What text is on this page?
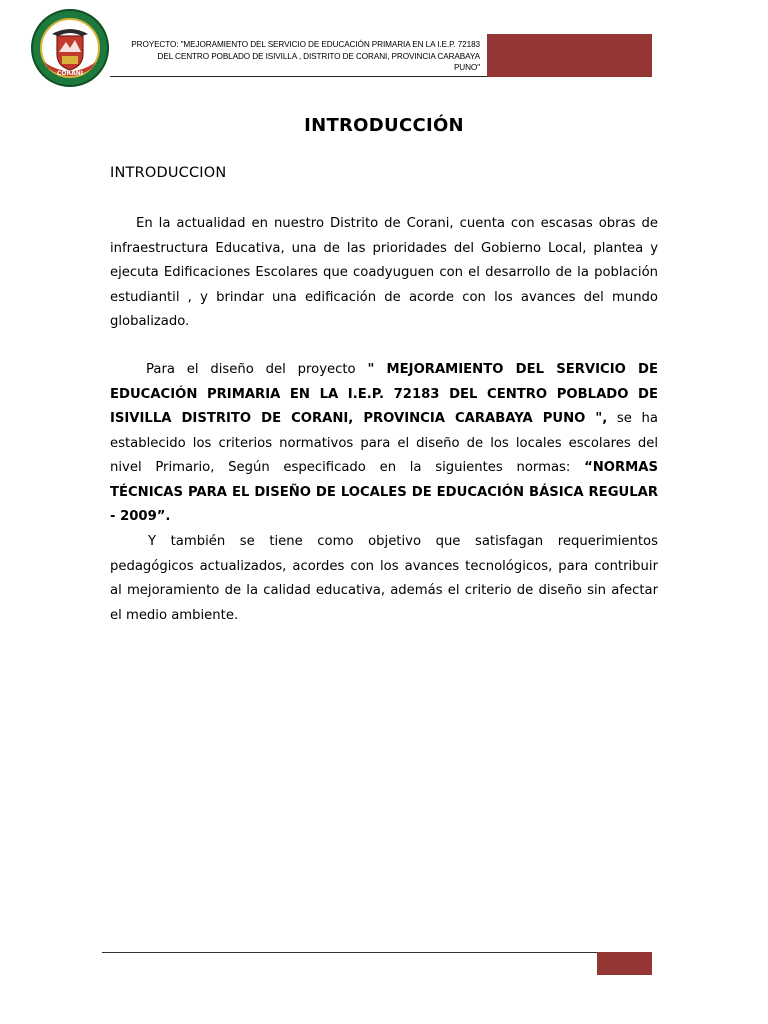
CORANI
PROYECTO: "MEJORAMIENTO DEL SERVICIO DE EDUCACIÓN PRIMARIA EN LA I.E.P. 72183
DEL CENTRO POBLADO DE ISIVILLA , DISTRITO DE CORANI, PROVINCIA CARABAYA
PUNO"
INTRODUCCIÓN
INTRODUCCION

En la actualidad en nuestro Distrito de Corani, cuenta con escasas obras de infraestructura Educativa, una de las prioridades del Gobierno Local, plantea y ejecuta Edificaciones Escolares que coadyuguen con el desarrollo de la población estudiantil , y brindar una edificación de acorde con los avances del mundo globalizado.

Para el diseño del proyecto " MEJORAMIENTO DEL SERVICIO DE EDUCACIÓN PRIMARIA EN LA I.E.P. 72183 DEL CENTRO POBLADO DE ISIVILLA DISTRITO DE CORANI, PROVINCIA CARABAYA PUNO ", se ha establecido los criterios normativos para el diseño de los locales escolares del nivel Primario, Según especificado en la siguientes normas: “NORMAS TÉCNICAS PARA EL DISEÑO DE LOCALES DE EDUCACIÓN BÁSICA REGULAR - 2009”.

Y también se tiene como objetivo que satisfagan requerimientos pedagógicos actualizados, acordes con los avances tecnológicos, para contribuir al mejoramiento de la calidad educativa, además el criterio de diseño sin afectar el medio ambiente.
